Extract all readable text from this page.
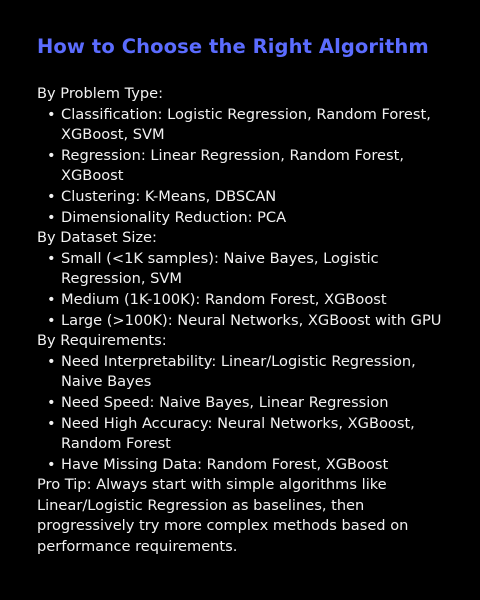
How to Choose the Right Algorithm

By Problem Type:

• Classification: Logistic Regression, Random Forest, XGBoost, SVM
• Regression: Linear Regression, Random Forest, XGBoost
• Clustering: K-Means, DBSCAN
• Dimensionality Reduction: PCA

By Dataset Size:

• Small (<1K samples): Naive Bayes, Logistic Regression, SVM
• Medium (1K-100K): Random Forest, XGBoost
• Large (>100K): Neural Networks, XGBoost with GPU

By Requirements:

• Need Interpretability: Linear/Logistic Regression, Naive Bayes
• Need Speed: Naive Bayes, Linear Regression
• Need High Accuracy: Neural Networks, XGBoost, Random Forest
• Have Missing Data: Random Forest, XGBoost

Pro Tip: Always start with simple algorithms like Linear/Logistic Regression as baselines, then progressively try more complex methods based on performance requirements.
